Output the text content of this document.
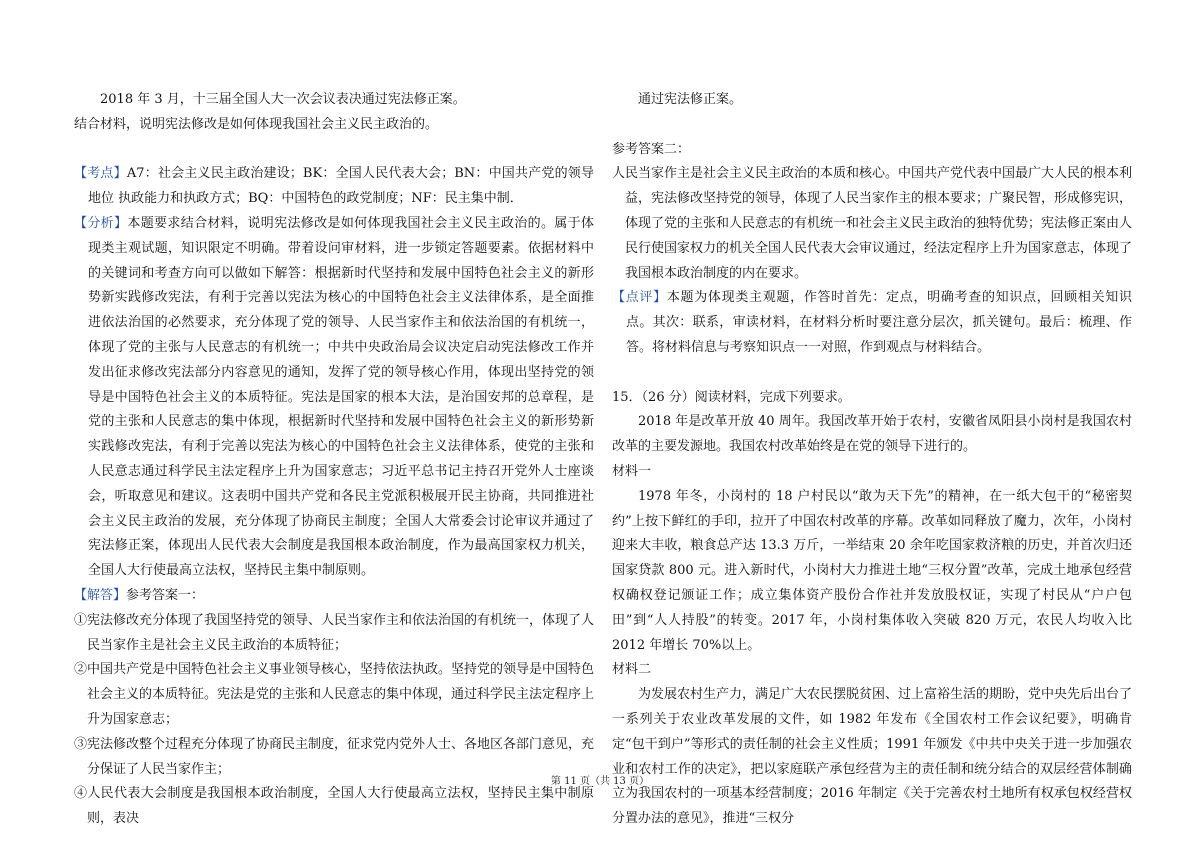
2018 年 3 月，十三届全国人大一次会议表决通过宪法修正案。

结合材料，说明宪法修改是如何体现我国社会主义民主政治的。

【考点】A7：社会主义民主政治建设；BK：全国人民代表大会；BN：中国共产党的领导地位 执政能力和执政方式；BQ：中国特色的政党制度；NF：民主集中制．

【分析】本题要求结合材料，说明宪法修改是如何体现我国社会主义民主政治的。属于体现类主观试题，知识限定不明确。带着设问审材料，进一步锁定答题要素。依据材料中的关键词和考查方向可以做如下解答：根据新时代坚持和发展中国特色社会主义的新形势新实践修改宪法，有利于完善以宪法为核心的中国特色社会主义法律体系，是全面推进依法治国的必然要求，充分体现了党的领导、人民当家作主和依法治国的有机统一，体现了党的主张与人民意志的有机统一；中共中央政治局会议决定启动宪法修改工作并发出征求修改宪法部分内容意见的通知，发挥了党的领导核心作用，体现出坚持党的领导是中国特色社会主义的本质特征。宪法是国家的根本大法，是治国安邦的总章程，是党的主张和人民意志的集中体现，根据新时代坚持和发展中国特色社会主义的新形势新实践修改宪法，有利于完善以宪法为核心的中国特色社会主义法律体系，使党的主张和人民意志通过科学民主法定程序上升为国家意志；习近平总书记主持召开党外人士座谈会，听取意见和建议。这表明中国共产党和各民主党派积极展开民主协商，共同推进社会主义民主政治的发展，充分体现了协商民主制度；全国人大常委会讨论审议并通过了宪法修正案，体现出人民代表大会制度是我国根本政治制度，作为最高国家权力机关，全国人大行使最高立法权，坚持民主集中制原则。

【解答】参考答案一：

①宪法修改充分体现了我国坚持党的领导、人民当家作主和依法治国的有机统一，体现了人民当家作主是社会主义民主政治的本质特征；

②中国共产党是中国特色社会主义事业领导核心，坚持依法执政。坚持党的领导是中国特色社会主义的本质特征。宪法是党的主张和人民意志的集中体现，通过科学民主法定程序上升为国家意志；

③宪法修改整个过程充分体现了协商民主制度，征求党内党外人士、各地区各部门意见，充分保证了人民当家作主；

④人民代表大会制度是我国根本政治制度，全国人大行使最高立法权，坚持民主集中制原则，表决

通过宪法修正案。

参考答案二：

人民当家作主是社会主义民主政治的本质和核心。中国共产党代表中国最广大人民的根本利益，宪法修改坚持党的领导，体现了人民当家作主的根本要求；广聚民智，形成修宪识，体现了党的主张和人民意志的有机统一和社会主义民主政治的独特优势；宪法修正案由人民行使国家权力的机关全国人民代表大会审议通过，经法定程序上升为国家意志，体现了我国根本政治制度的内在要求。

【点评】本题为体现类主观题，作答时首先：定点，明确考查的知识点，回顾相关知识点。其次：联系，审读材料，在材料分析时要注意分层次，抓关键句。最后：梳理、作答。将材料信息与考察知识点一一对照，作到观点与材料结合。

15．（26 分）阅读材料，完成下列要求。

2018 年是改革开放 40 周年。我国改革开始于农村，安徽省凤阳县小岗村是我国农村改革的主要发源地。我国农村改革始终是在党的领导下进行的。

材料一

1978 年冬，小岗村的 18 户村民以“敢为天下先”的精神，在一纸大包干的“秘密契约”上按下鲜红的手印，拉开了中国农村改革的序幕。改革如同释放了魔力，次年，小岗村迎来大丰收，粮食总产达 13.3 万斤，一举结束 20 余年吃国家救济粮的历史，并首次归还国家贷款 800 元。进入新时代，小岗村大力推进土地“三权分置”改革，完成土地承包经营权确权登记颁证工作；成立集体资产股份合作社并发放股权证，实现了村民从“户户包田”到“人人持股”的转变。2017 年，小岗村集体收入突破 820 万元，农民人均收入比 2012 年增长 70%以上。

材料二

为发展农村生产力，满足广大农民摆脱贫困、过上富裕生活的期盼，党中央先后出台了一系列关于农业改革发展的文件，如 1982 年发布《全国农村工作会议纪要》，明确肯定“包干到户”等形式的责任制的社会主义性质；1991 年颁发《中共中央关于进一步加强农业和农村工作的决定》，把以家庭联产承包经营为主的责任制和统分结合的双层经营体制确立为我国农村的一项基本经营制度；2016 年制定《关于完善农村土地所有权承包权经营权分置办法的意见》，推进“三权分

第 11 页（共 13 页）
